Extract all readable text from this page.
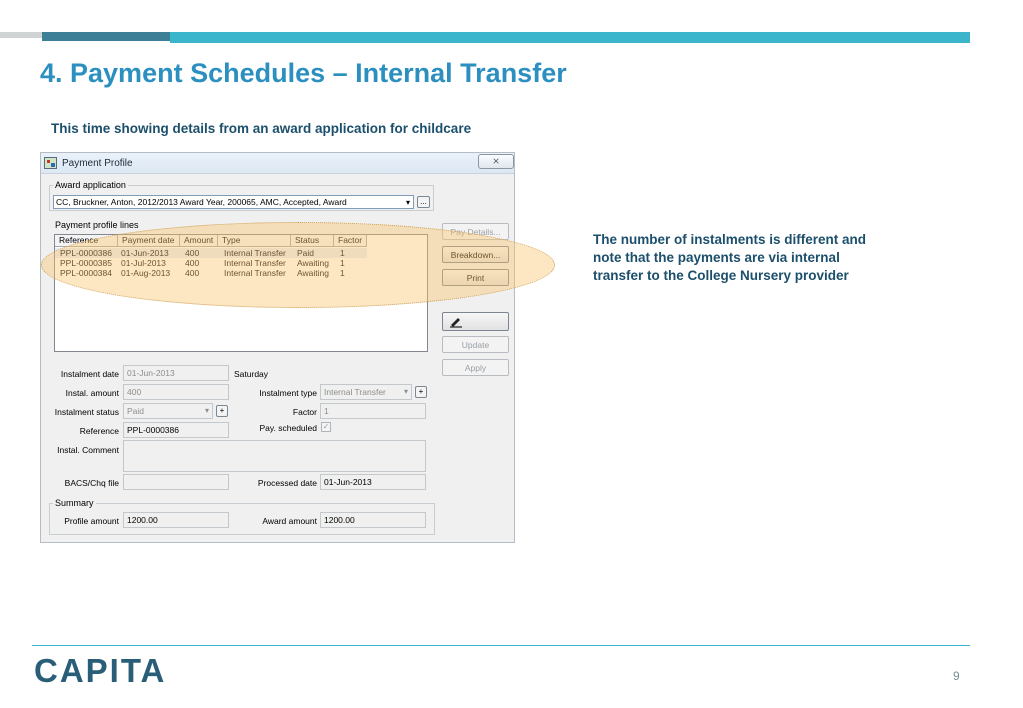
4. Payment Schedules – Internal Transfer
This time showing details from an award application for childcare
The number of instalments is different and note that the payments are via internal transfer to the College Nursery provider
CAPITA	9
Payment Profile	⨯
Award application
CC, Bruckner, Anton, 2012/2013 Award Year, 200065, AMC, Accepted, Award	▾	...
Payment profile lines
Reference	Payment date	Amount	Type	Status	Factor
PPL-0000386 01-Jun-2013 400	Internal Transfer Paid	1
PPL-0000385 01-Jul-2013 400	Internal Transfer Awaiting 1
PPL-0000384 01-Aug-2013 400	Internal Transfer Awaiting 1
Pay Details...
Breakdown...
Print
Update
Apply
Instalment date 01-Jun-2013	Saturday
Instal. amount 400	Instalment type Internal Transfer ▾	+
Instalment status Paid	▾	+	Factor 1
Reference PPL-0000386	Pay. scheduled ✓
Instal. Comment
BACS/Chq file	Processed date 01-Jun-2013
Summary
Profile amount 1200.00	Award amount 1200.00
